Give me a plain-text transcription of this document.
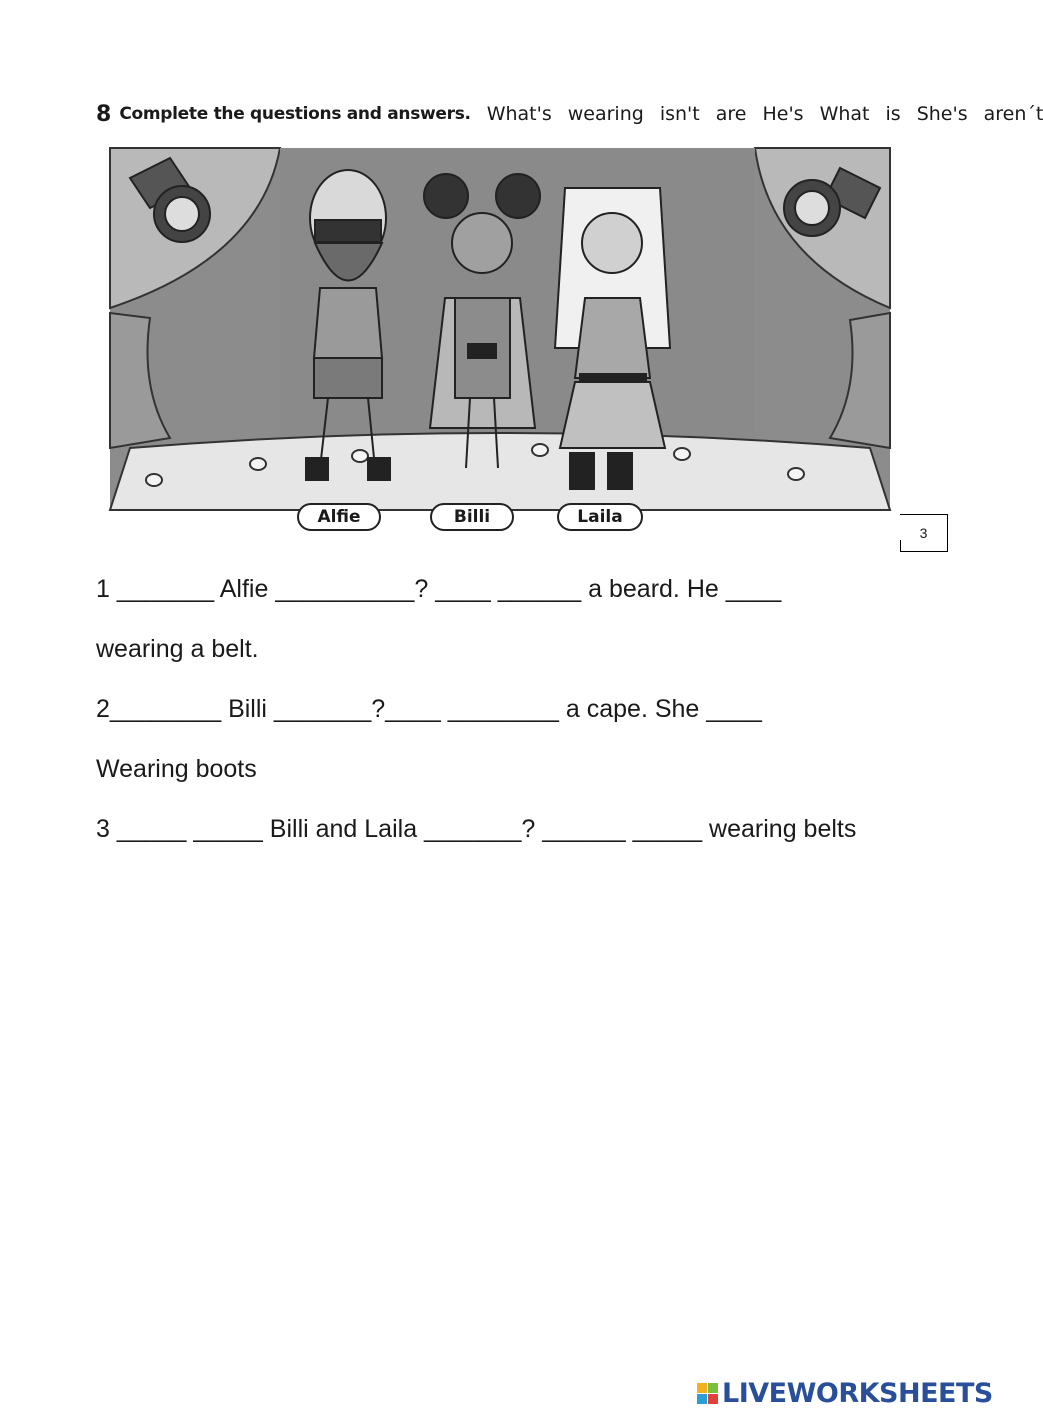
8 Complete the questions and answers. What's wearing isn't are He's What is She's aren´t
Alfie	Billi	Laila
3
1 _______ Alfie __________? ____ ______ a beard. He ____
wearing a belt.
2________ Billi _______?____ ________ a cape. She ____
Wearing boots
3 _____ _____ Billi and Laila _______? ______ _____ wearing belts
LIVEWORKSHEETS
